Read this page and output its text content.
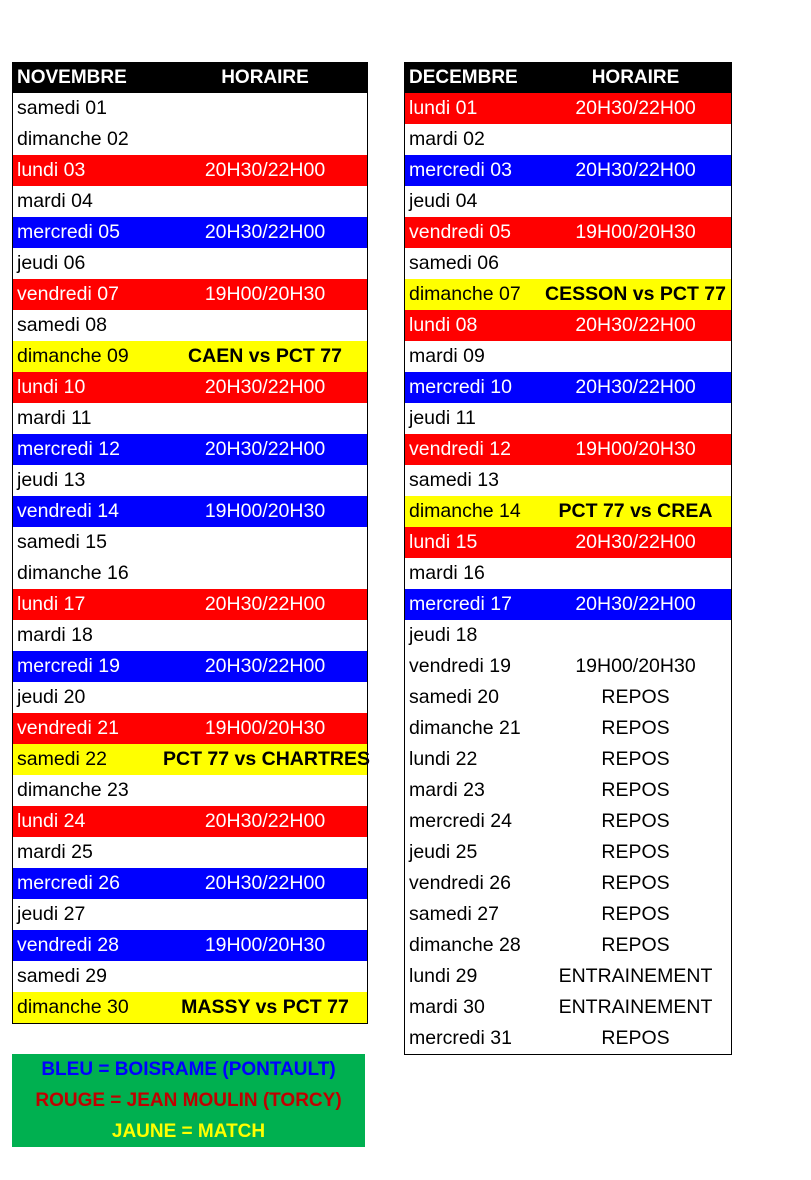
NOVEMBRE	HORAIRE
samedi 01
dimanche 02
lundi 03	20H30/22H00
mardi 04
mercredi 05	20H30/22H00
jeudi 06
vendredi 07	19H00/20H30
samedi 08
dimanche 09	CAEN vs PCT 77
lundi 10	20H30/22H00
mardi 11
mercredi 12	20H30/22H00
jeudi 13
vendredi 14	19H00/20H30
samedi 15
dimanche 16
lundi 17	20H30/22H00
mardi 18
mercredi 19	20H30/22H00
jeudi 20
vendredi 21	19H00/20H30
samedi 22	PCT 77 vs CHARTRES
dimanche 23
lundi 24	20H30/22H00
mardi 25
mercredi 26	20H30/22H00
jeudi 27
vendredi 28	19H00/20H30
samedi 29
dimanche 30	MASSY vs PCT 77
DECEMBRE	HORAIRE
lundi 01	20H30/22H00
mardi 02
mercredi 03	20H30/22H00
jeudi 04
vendredi 05	19H00/20H30
samedi 06
dimanche 07	CESSON vs PCT 77
lundi 08	20H30/22H00
mardi 09
mercredi 10	20H30/22H00
jeudi 11
vendredi 12	19H00/20H30
samedi 13
dimanche 14	PCT 77 vs CREA
lundi 15	20H30/22H00
mardi 16
mercredi 17	20H30/22H00
jeudi 18
vendredi 19	19H00/20H30
samedi 20	REPOS
dimanche 21	REPOS
lundi 22	REPOS
mardi 23	REPOS
mercredi 24	REPOS
jeudi 25	REPOS
vendredi 26	REPOS
samedi 27	REPOS
dimanche 28	REPOS
lundi 29	ENTRAINEMENT
mardi 30	ENTRAINEMENT
mercredi 31	REPOS
BLEU = BOISRAME (PONTAULT)
ROUGE = JEAN MOULIN (TORCY)
JAUNE = MATCH
